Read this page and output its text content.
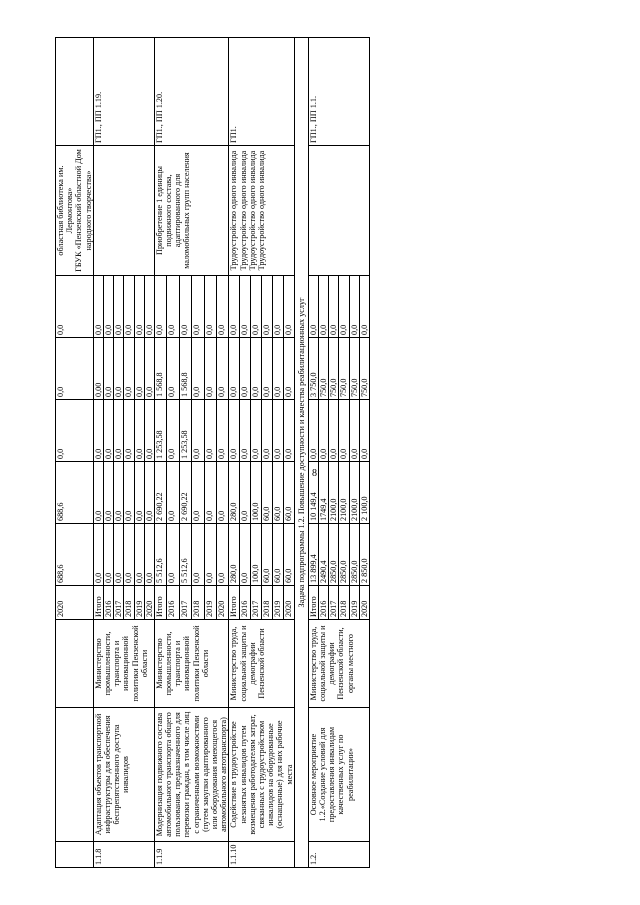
8
			2020	688,6	688,6	0,0	0,0	0,0	областная библиотека им. Лермонтова»
ГБУК «Пензенский областной Дом народного творчества»	
1.1.8	Адаптация объектов транспортной инфраструктуры для обеспечения беспрепятственного доступа инвалидов	Министерство промышленности, транспорта и инновационной политики Пензенской области	Итого	0,0	0,0	0,0	0,00	0,0		ГП1., ПП 1.19.
			2016	0,0	0,0	0,0	0,0	0,0		
			2017	0,0	0,0	0,0	0,0	0,0		
			2018	0,0	0,0	0,0	0,0	0,0		
			2019	0,0	0,0	0,0	0,0	0,0		
			2020	0,0	0,0	0,0	0,0	0,0		
1.1.9	Модернизация подвижного состава автомобильного транспорта общего пользования, предназначенного для перевозки граждан, в том числе лиц с ограниченными возможностями (путем закупки адаптированного или оборудования имеющегося автомобильного автотранспорта)	Министерство промышленности, транспорта и инновационной политики Пензенской области	Итого	5 512,6	2 690,22	1 253,58	1 568,8	0,0	Приобретение 1 единицы подвижного состава, адаптированного для маломобильных групп населения	ГП1., ПП 1.20.
			2016	0,0	0,0	0,0	0,0	0,0		
			2017	5 512,6	2 690,22	1 253,58	1 568,8	0,0		
			2018	0,0	0,0	0,0	0,0	0,0		
			2019	0,0	0,0	0,0	0,0	0,0		
			2020	0,0	0,0	0,0	0,0	0,0		
1.1.10	Содействие в трудоустройстве незанятых инвалидов путем возмещения работодателям затрат, связанных с трудоустройством инвалидов на оборудованные (оснащенные) для них рабочие места	Министерство труда, социальной защиты и демографии Пензенской области	Итого	280,0	280,0	0,0	0,0	0,0	Трудоустройство одного инвалида
Трудоустройство одного инвалида
Трудоустройство одного инвалида
Трудоустройство одного инвалида	ГП1.
			2016	0,0	0,0	0,0	0,0	0,0		
			2017	100,0	100,0	0,0	0,0	0,0		
			2018	60,0	60,0	0,0	0,0	0,0		
			2019	60,0	60,0	0,0	0,0	0,0		
			2020	60,0	60,0	0,0	0,0	0,0		
Задача подпрограммы 1.2. Повышение доступности и качества реабилитационных услуг										
1.2.	Основное мероприятие 1.2.«Создание условий для предоставления инвалидам качественных услуг по реабилитации»	Министерство труда, социальной защиты и демографии Пензенской области, органы местного	Итого	13 899,4	10 149,4	0,0	3 750,0	0,0		ГП1., ПП 1.1.
			2016	2490,4	1749,4	0,0	750,0	0,0		
			2017	2850,0	2100,0	0,0	750,0	0,0		
			2018	2850,0	2100,0	0,0	750,0	0,0		
			2019	2850,0	2100,0	0,0	750,0	0,0		
			2020	2 850,0	2 100,0	0,0	750,0	0,0		
